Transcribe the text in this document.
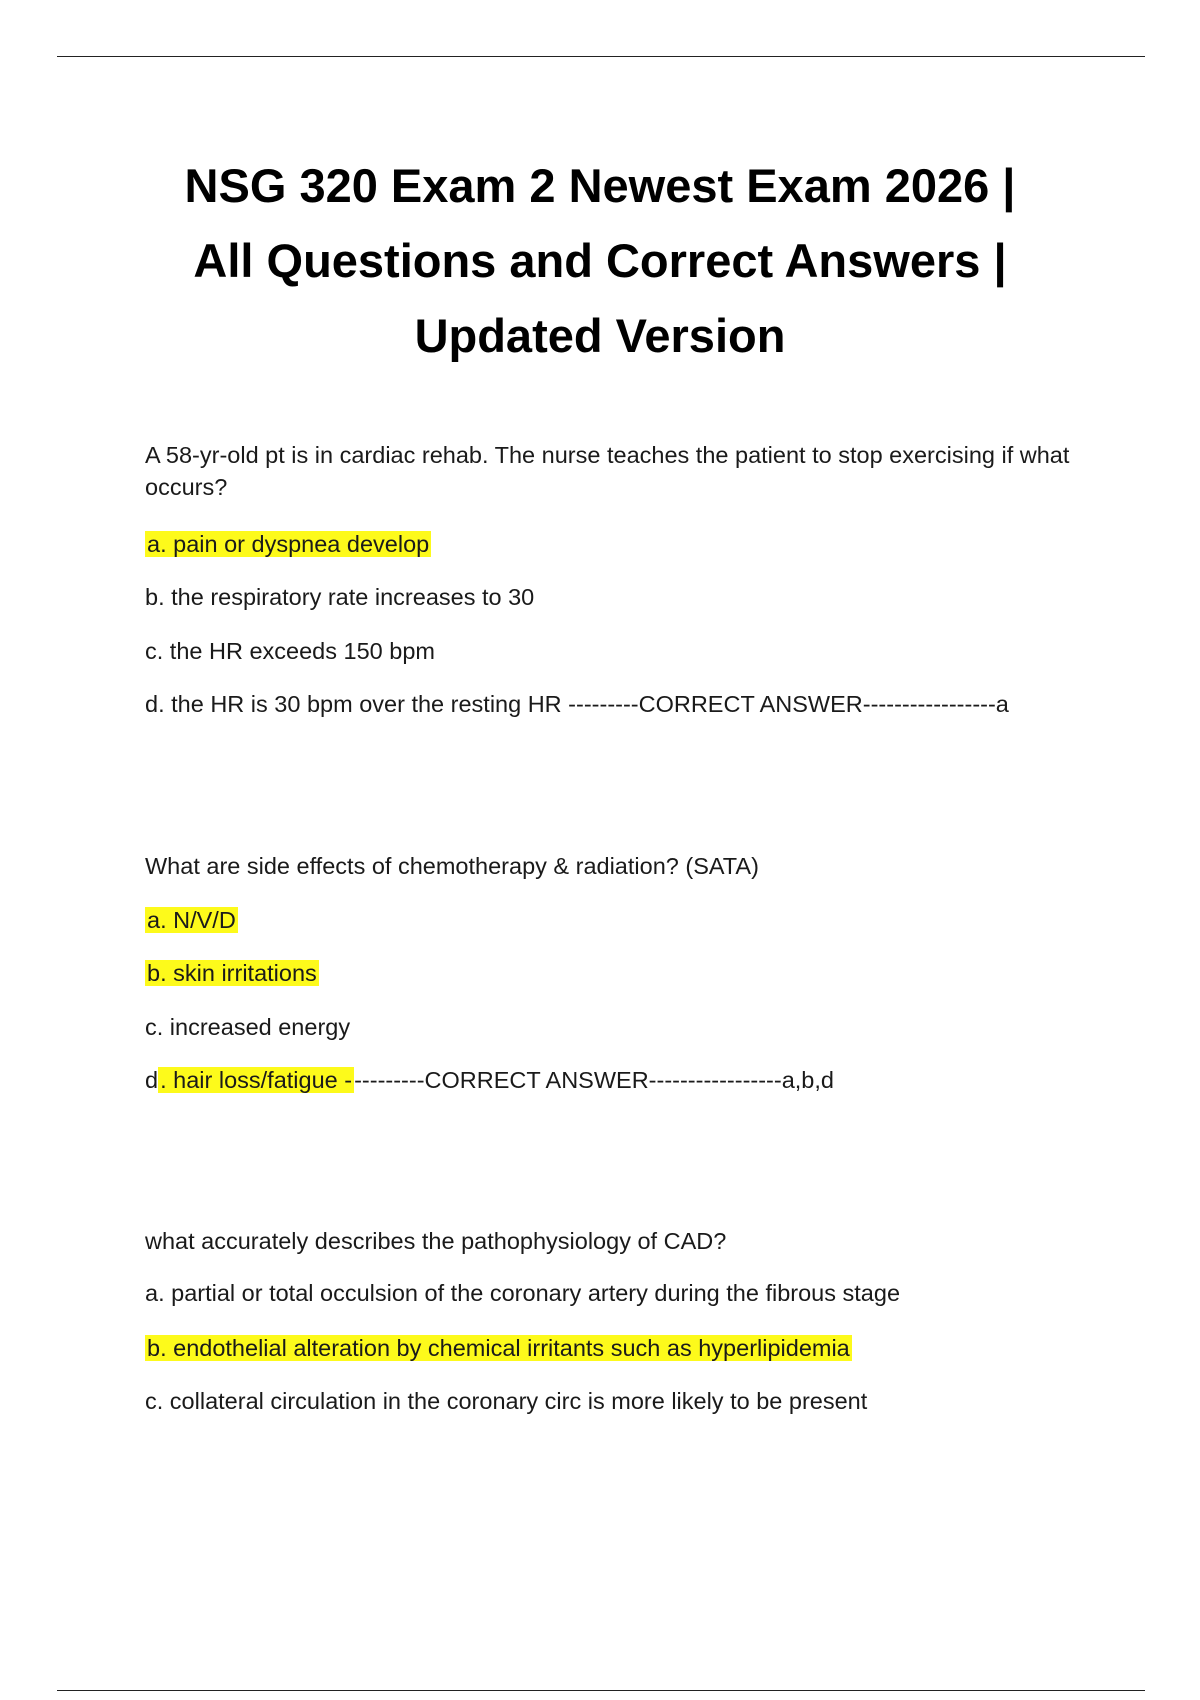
NSG 320 Exam 2 Newest Exam 2026 |
All Questions and Correct Answers |
Updated Version
A 58-yr-old pt is in cardiac rehab. The nurse teaches the patient to stop exercising if what occurs?
a. pain or dyspnea develop
b. the respiratory rate increases to 30
c. the HR exceeds 150 bpm
d. the HR is 30 bpm over the resting HR ---------CORRECT ANSWER-----------------a
What are side effects of chemotherapy & radiation? (SATA)
a. N/V/D
b. skin irritations
c. increased energy
d. hair loss/fatigue ----------CORRECT ANSWER-----------------a,b,d
what accurately describes the pathophysiology of CAD?
a. partial or total occulsion of the coronary artery during the fibrous stage
b. endothelial alteration by chemical irritants such as hyperlipidemia
c. collateral circulation in the coronary circ is more likely to be present
